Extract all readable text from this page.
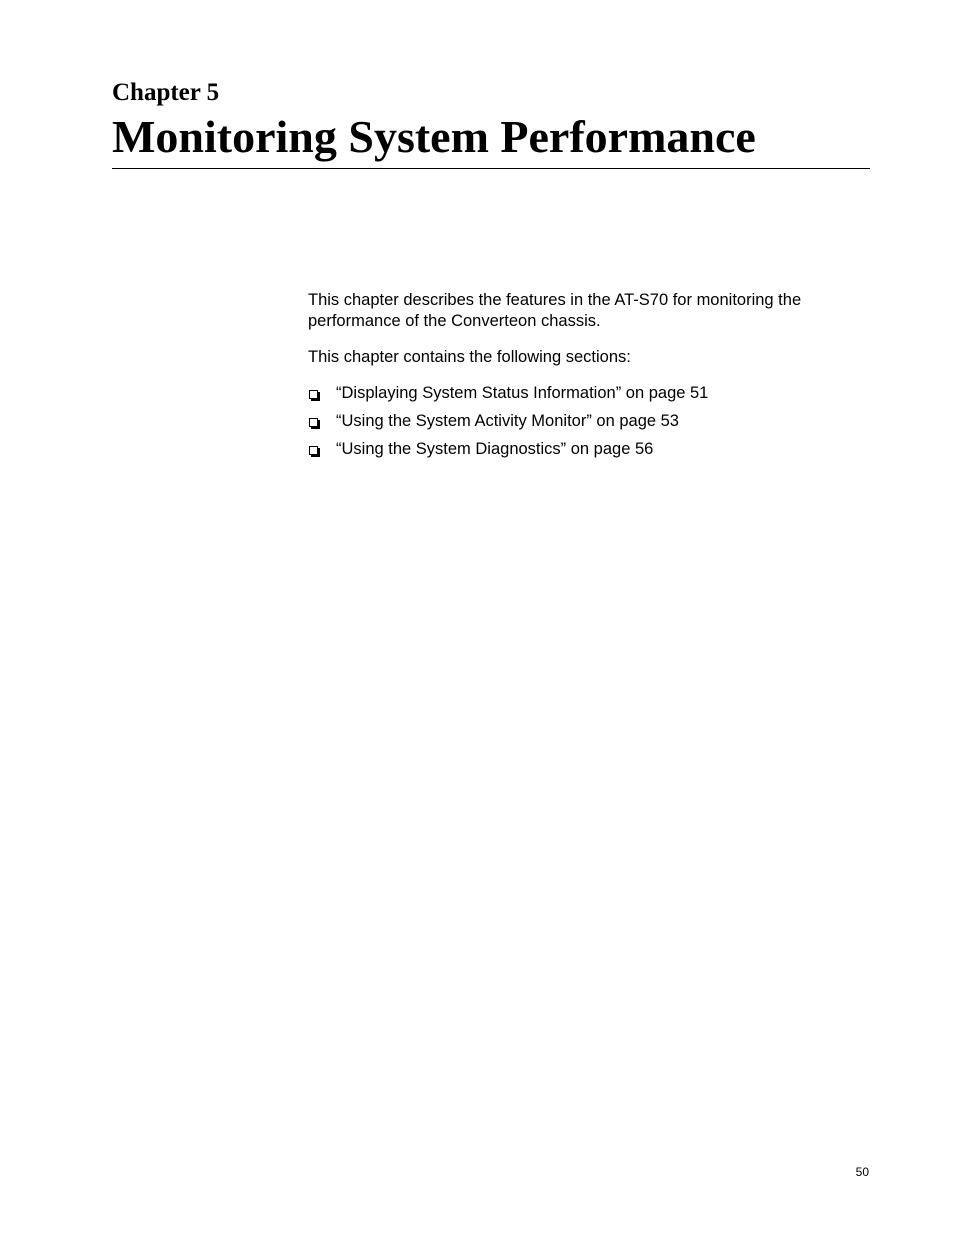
Chapter 5
Monitoring System Performance

This chapter describes the features in the AT-S70 for monitoring the performance of the Converteon chassis.

This chapter contains the following sections:

“Displaying System Status Information” on page 51
“Using the System Activity Monitor” on page 53
“Using the System Diagnostics” on page 56
50
